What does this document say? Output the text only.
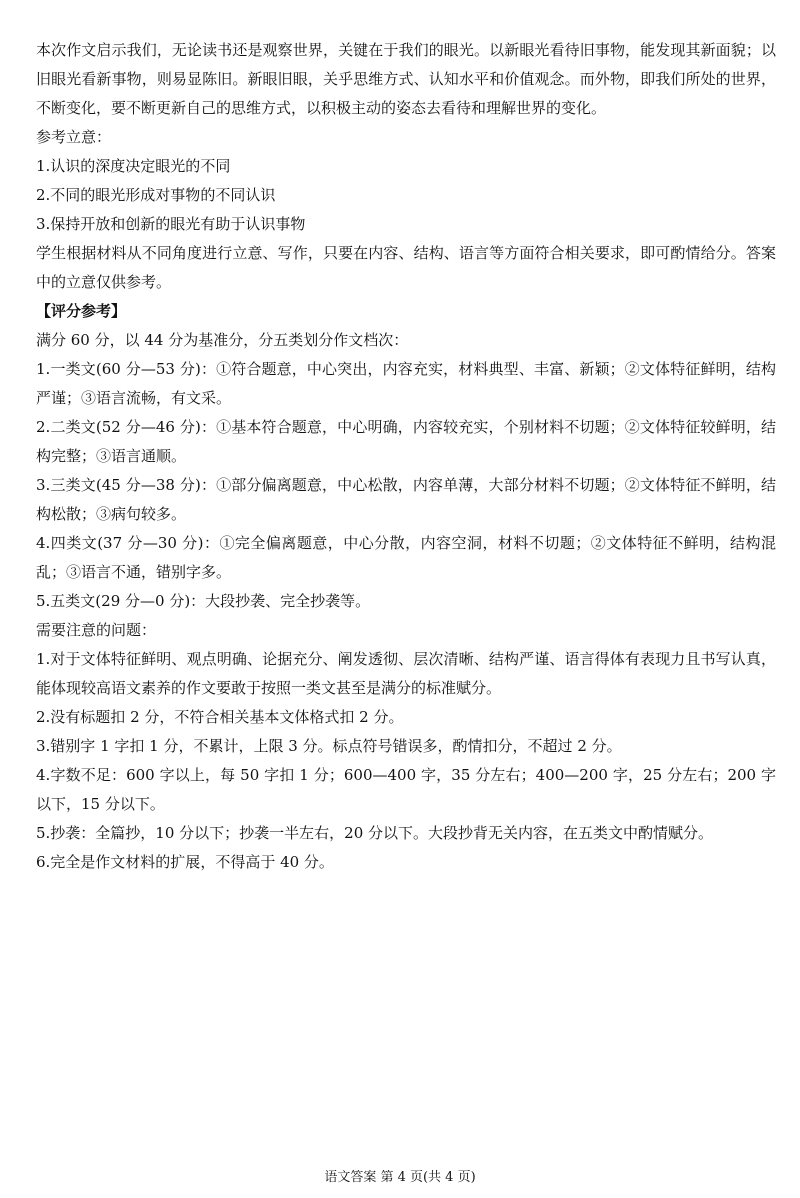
本次作文启示我们，无论读书还是观察世界，关键在于我们的眼光。以新眼光看待旧事物，能发现其新面貌；以旧眼光看新事物，则易显陈旧。新眼旧眼，关乎思维方式、认知水平和价值观念。而外物，即我们所处的世界，不断变化，要不断更新自己的思维方式，以积极主动的姿态去看待和理解世界的变化。

参考立意：

1.认识的深度决定眼光的不同

2.不同的眼光形成对事物的不同认识

3.保持开放和创新的眼光有助于认识事物

学生根据材料从不同角度进行立意、写作，只要在内容、结构、语言等方面符合相关要求，即可酌情给分。答案中的立意仅供参考。

【评分参考】

满分 60 分，以 44 分为基准分，分五类划分作文档次：

1.一类文(60 分—53 分)：①符合题意，中心突出，内容充实，材料典型、丰富、新颖；②文体特征鲜明，结构严谨；③语言流畅，有文采。

2.二类文(52 分—46 分)：①基本符合题意，中心明确，内容较充实，个别材料不切题；②文体特征较鲜明，结构完整；③语言通顺。

3.三类文(45 分—38 分)：①部分偏离题意，中心松散，内容单薄，大部分材料不切题；②文体特征不鲜明，结构松散；③病句较多。

4.四类文(37 分—30 分)：①完全偏离题意，中心分散，内容空洞，材料不切题；②文体特征不鲜明，结构混乱；③语言不通，错别字多。

5.五类文(29 分—0 分)：大段抄袭、完全抄袭等。

需要注意的问题：

1.对于文体特征鲜明、观点明确、论据充分、阐发透彻、层次清晰、结构严谨、语言得体有表现力且书写认真，能体现较高语文素养的作文要敢于按照一类文甚至是满分的标准赋分。

2.没有标题扣 2 分，不符合相关基本文体格式扣 2 分。

3.错别字 1 字扣 1 分，不累计，上限 3 分。标点符号错误多，酌情扣分，不超过 2 分。

4.字数不足：600 字以上，每 50 字扣 1 分；600—400 字，35 分左右；400—200 字，25 分左右；200 字以下，15 分以下。

5.抄袭：全篇抄，10 分以下；抄袭一半左右，20 分以下。大段抄背无关内容，在五类文中酌情赋分。

6.完全是作文材料的扩展，不得高于 40 分。

语文答案 第 4 页(共 4 页)
